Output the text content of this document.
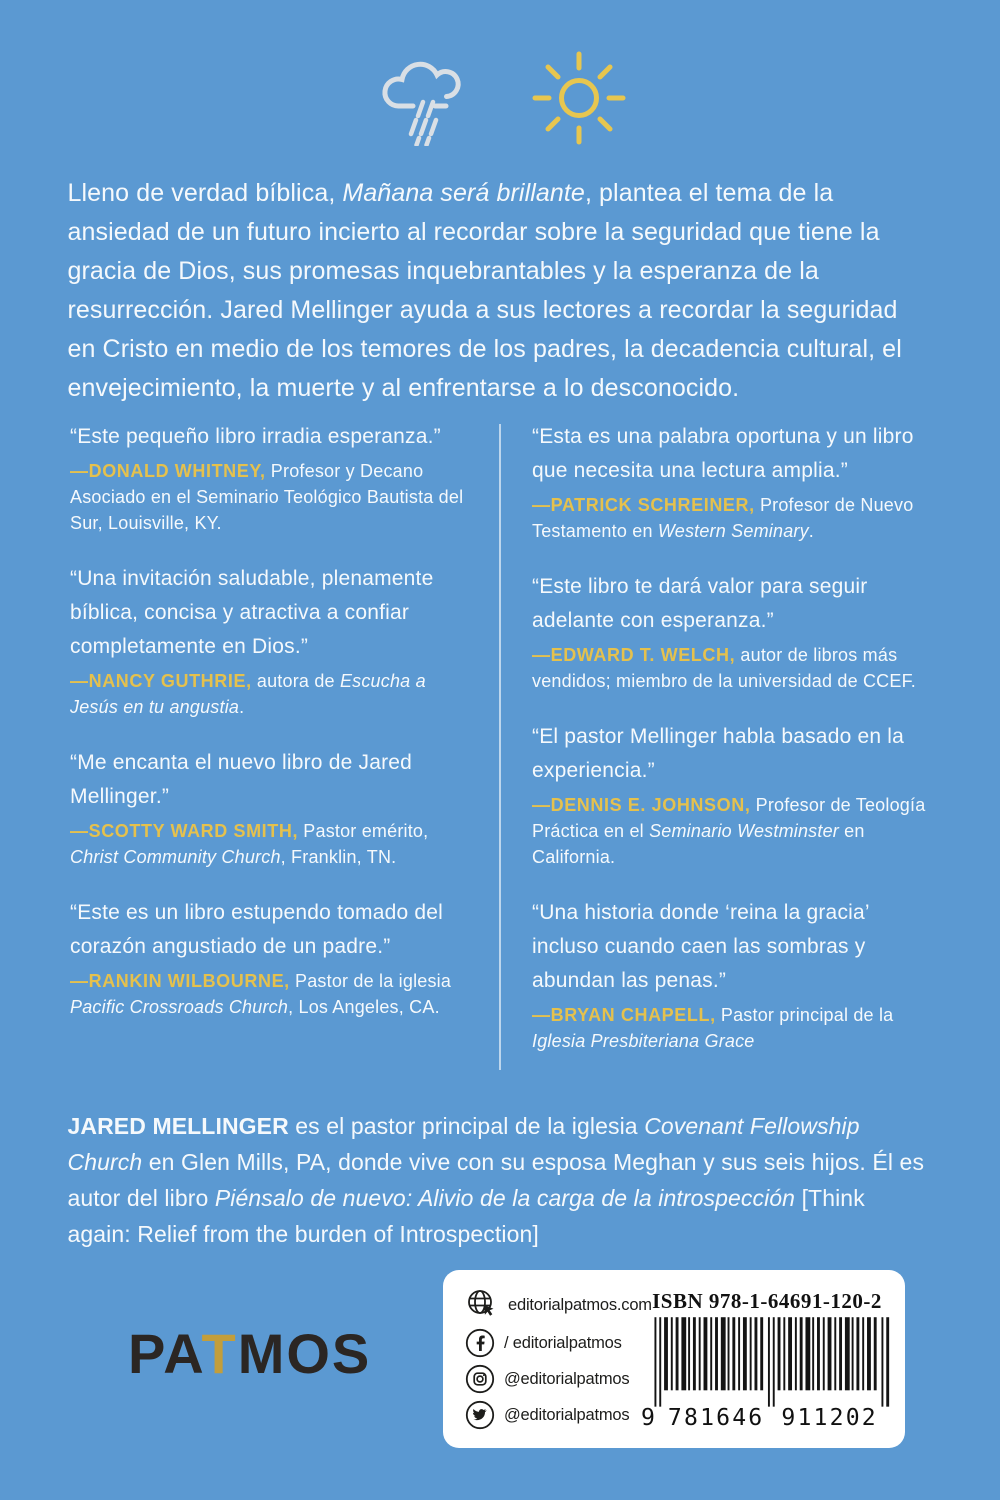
Lleno de verdad bíblica, Mañana será brillante, plantea el tema de la ansiedad de un futuro incierto al recordar sobre la seguridad que tiene la gracia de Dios, sus promesas inquebrantables y la esperanza de la resurrección. Jared Mellinger ayuda a sus lectores a recordar la seguridad en Cristo en medio de los temores de los padres, la decadencia cultural, el envejecimiento, la muerte y al enfrentarse a lo desconocido.

“Este pequeño libro irradia esperanza.”

—DONALD WHITNEY, Profesor y Decano Asociado en el Seminario Teológico Bautista del Sur, Louisville, KY.

“Una invitación saludable, plenamente bíblica, concisa y atractiva a confiar completamente en Dios.”

—NANCY GUTHRIE, autora de Escucha a Jesús en tu angustia.

“Me encanta el nuevo libro de Jared Mellinger.”

—SCOTTY WARD SMITH, Pastor emérito, Christ Community Church, Franklin, TN.

“Este es un libro estupendo tomado del corazón angustiado de un padre.”

—RANKIN WILBOURNE, Pastor de la iglesia Pacific Crossroads Church, Los Angeles, CA.

“Esta es una palabra oportuna y un libro que necesita una lectura amplia.”

—PATRICK SCHREINER, Profesor de Nuevo Testamento en Western Seminary.

“Este libro te dará valor para seguir adelante con esperanza.”

—EDWARD T. WELCH, autor de libros más vendidos; miembro de la universidad de CCEF.

“El pastor Mellinger habla basado en la experiencia.”

—DENNIS E. JOHNSON, Profesor de Teología Práctica en el Seminario Westminster en California.

“Una historia donde ‘reina la gracia’ incluso cuando caen las sombras y abundan las penas.”

—BRYAN CHAPELL, Pastor principal de la Iglesia Presbiteriana Grace

JARED MELLINGER es el pastor principal de la iglesia Covenant Fellowship Church en Glen Mills, PA, donde vive con su esposa Meghan y sus seis hijos. Él es autor del libro Piénsalo de nuevo: Alivio de la carga de la introspección [Think again: Relief from the burden of Introspection]

PATMOS
editorialpatmos.com
/ editorialpatmos
@editorialpatmos
@editorialpatmos
ISBN 978-1-64691-120-2
9 781646 911202
